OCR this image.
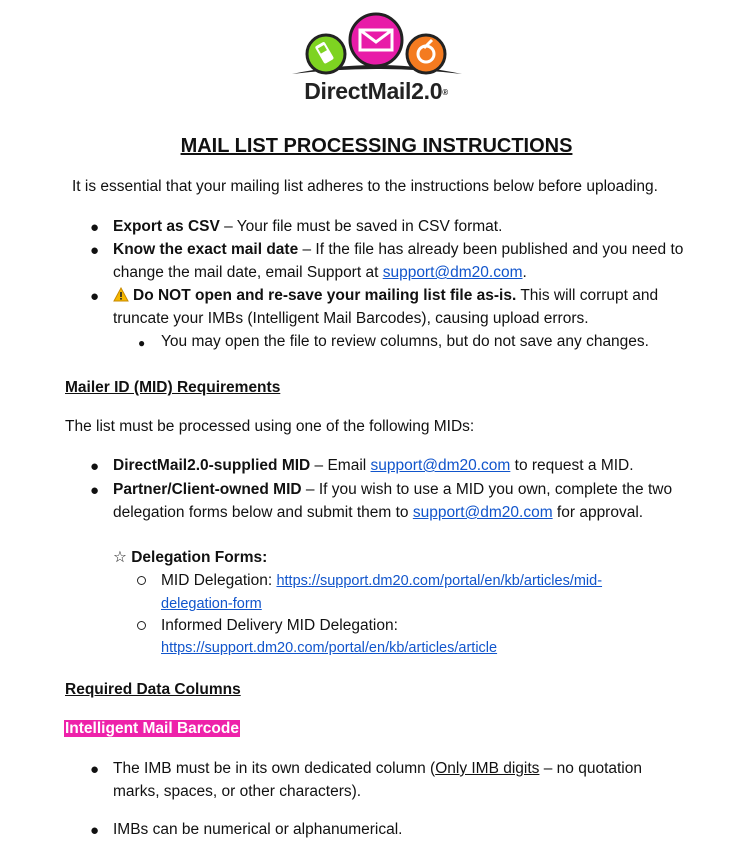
DirectMail2.0®
MAIL LIST PROCESSING INSTRUCTIONS
It is essential that your mailing list adheres to the instructions below before uploading.
● Export as CSV – Your file must be saved in CSV format.
● Know the exact mail date – If the file has already been published and you need to
change the mail date, email Support at support@dm20.com.
●	Do NOT open and re-save your mailing list file as-is. This will corrupt and
truncate your IMBs (Intelligent Mail Barcodes), causing upload errors.
● You may open the file to review columns, but do not save any changes.
Mailer ID (MID) Requirements
The list must be processed using one of the following MIDs:
● DirectMail2.0-supplied MID – Email support@dm20.com to request a MID.
● Partner/Client-owned MID – If you wish to use a MID you own, complete the two
delegation forms below and submit them to support@dm20.com for approval.
☆ Delegation Forms:
MID Delegation: https://support.dm20.com/portal/en/kb/articles/mid-
delegation-form
Informed Delivery MID Delegation:
https://support.dm20.com/portal/en/kb/articles/article
Required Data Columns
Intelligent Mail Barcode
● The IMB must be in its own dedicated column (Only IMB digits – no quotation
marks, spaces, or other characters).
● IMBs can be numerical or alphanumerical.
